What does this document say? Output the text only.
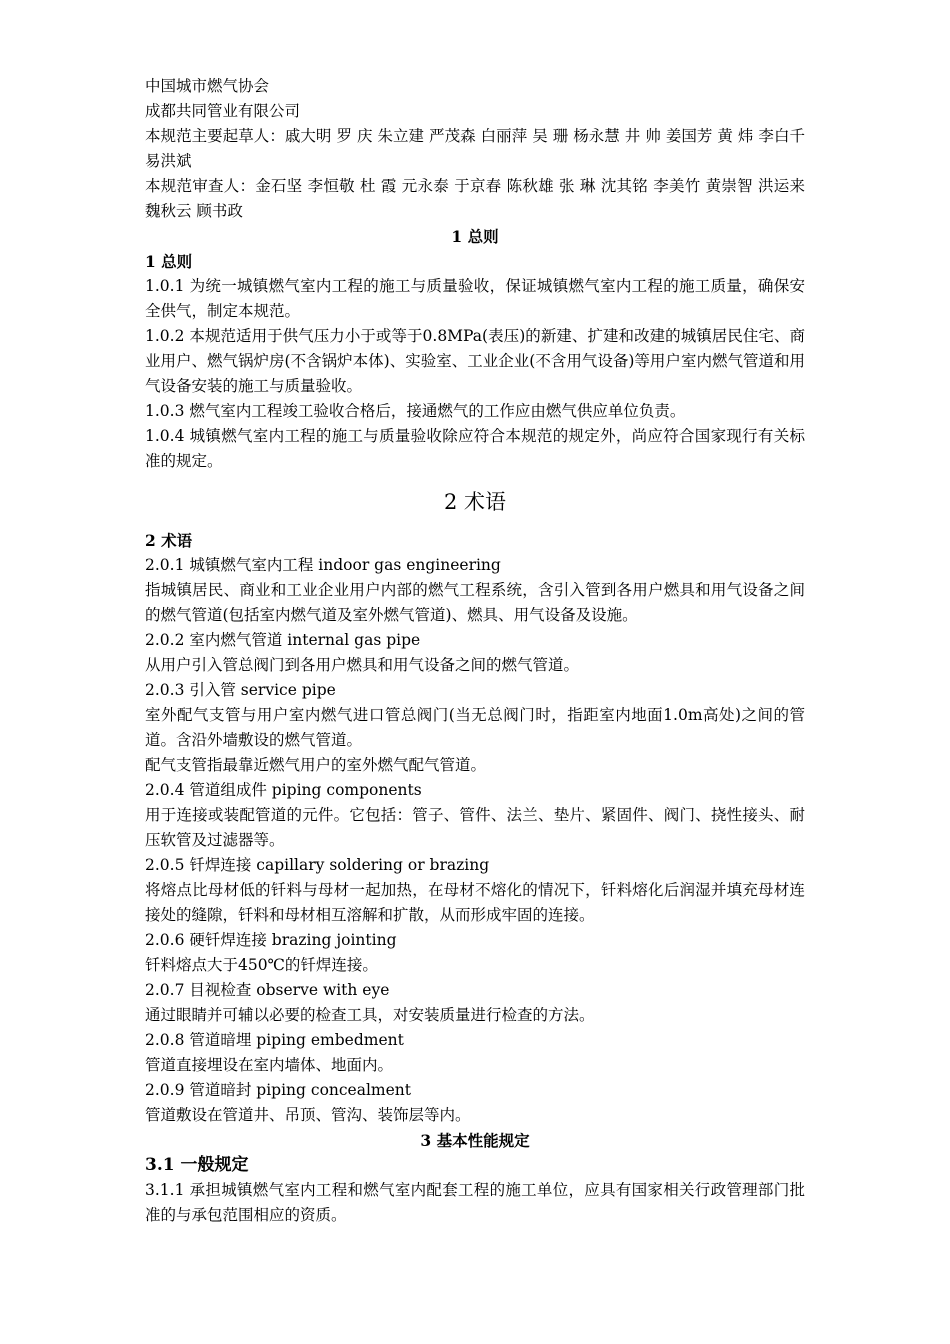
中国城市燃气协会

成都共同管业有限公司

本规范主要起草人：戚大明 罗 庆 朱立建 严茂森 白丽萍 吴 珊 杨永慧 井 帅 姜国芳 黄 炜 李白千 易洪斌

本规范审查人：金石坚 李恒敬 杜 霞 元永泰 于京春 陈秋雄 张 琳 沈其铭 李美竹 黄崇智 洪运来 魏秋云 顾书政

1 总则

1 总则

1.0.1 为统一城镇燃气室内工程的施工与质量验收，保证城镇燃气室内工程的施工质量，确保安全供气，制定本规范。

1.0.2 本规范适用于供气压力小于或等于0.8MPa(表压)的新建、扩建和改建的城镇居民住宅、商业用户、燃气锅炉房(不含锅炉本体)、实验室、工业企业(不含用气设备)等用户室内燃气管道和用气设备安装的施工与质量验收。

1.0.3 燃气室内工程竣工验收合格后，接通燃气的工作应由燃气供应单位负责。

1.0.4 城镇燃气室内工程的施工与质量验收除应符合本规范的规定外，尚应符合国家现行有关标准的规定。

2 术语

2 术语

2.0.1 城镇燃气室内工程 indoor gas engineering

指城镇居民、商业和工业企业用户内部的燃气工程系统，含引入管到各用户燃具和用气设备之间的燃气管道(包括室内燃气道及室外燃气管道)、燃具、用气设备及设施。

2.0.2 室内燃气管道 internal gas pipe

从用户引入管总阀门到各用户燃具和用气设备之间的燃气管道。

2.0.3 引入管 service pipe

室外配气支管与用户室内燃气进口管总阀门(当无总阀门时，指距室内地面1.0m高处)之间的管道。含沿外墙敷设的燃气管道。

配气支管指最靠近燃气用户的室外燃气配气管道。

2.0.4 管道组成件 piping components

用于连接或装配管道的元件。它包括：管子、管件、法兰、垫片、紧固件、阀门、挠性接头、耐压软管及过滤器等。

2.0.5 钎焊连接 capillary soldering or brazing

将熔点比母材低的钎料与母材一起加热，在母材不熔化的情况下，钎料熔化后润湿并填充母材连接处的缝隙，钎料和母材相互溶解和扩散，从而形成牢固的连接。

2.0.6 硬钎焊连接 brazing jointing

钎料熔点大于450℃的钎焊连接。

2.0.7 目视检查 observe with eye

通过眼睛并可辅以必要的检查工具，对安装质量进行检查的方法。

2.0.8 管道暗埋 piping embedment

管道直接埋设在室内墙体、地面内。

2.0.9 管道暗封 piping concealment

管道敷设在管道井、吊顶、管沟、装饰层等内。

3 基本性能规定

3.1 一般规定

3.1.1 承担城镇燃气室内工程和燃气室内配套工程的施工单位，应具有国家相关行政管理部门批准的与承包范围相应的资质。
